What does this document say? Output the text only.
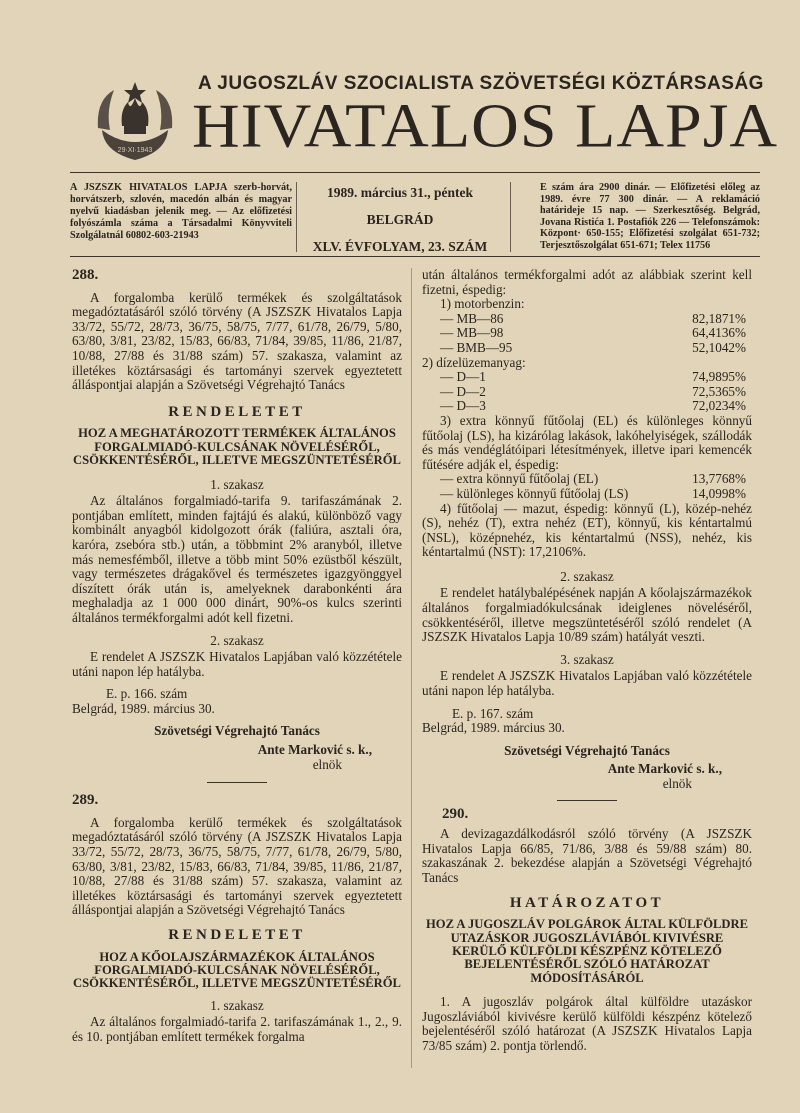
29·XI·1943
A JUGOSZLÁV SZOCIALISTA SZÖVETSÉGI KÖZTÁRSASÁG
HIVATALOS LAPJA
A JSZSZK HIVATALOS LAPJA szerb-horvát, horvátszerb, szlovén, macedón albán és magyar nyelvű kiadásban jelenik meg. — Az előfizetési folyószámla száma a Társadalmi Könyvviteli Szolgálatnál 60802-603-21943
1989. március 31., péntek
BELGRÁD
XLV. ÉVFOLYAM, 23. SZÁM
E szám ára 2900 dinár. — Előfizetési előleg az 1989. évre 77 300 dinár. — A reklamáció határideje 15 nap. — Szerkesztőség. Belgrád, Jovana Ristića 1. Postafiók 226 — Telefonszámok: Központ· 650-155; Előfizetési szolgálat 651-732; Terjesztőszolgálat 651-671; Telex 11756

288.

A forgalomba kerülő termékek és szolgáltatások megadóztatásáról szóló törvény (A JSZSZK Hivatalos Lapja 33/72, 55/72, 28/73, 36/75, 58/75, 7/77, 61/78, 26/79, 5/80, 63/80, 3/81, 23/82, 15/83, 66/83, 71/84, 39/85, 11/86, 21/87, 10/88, 27/88 és 31/88 szám) 57. szakasza, valamint az illetékes köztársasági és tartományi szervek egyeztetett álláspontjai alapján a Szövetségi Végrehajtó Tanács

RENDELETET

HOZ A MEGHATÁROZOTT TERMÉKEK ÁLTALÁNOS FORGALMIADÓ-KULCSÁNAK NÖVELÉSÉRŐL, CSÖKKENTÉSÉRŐL, ILLETVE MEGSZÜNTETÉSÉRŐL

1. szakasz

Az általános forgalmiadó-tarifa 9. tarifaszámának 2. pontjában említett, minden fajtájú és alakú, különböző vagy kombinált anyagból kidolgozott órák (faliúra, asztali óra, karóra, zsebóra stb.) után, a többmint 2% aranyból, illetve más nemesfémből, illetve a több mint 50% ezüstből készült, vagy természetes drágakővel és természetes igazgyönggyel díszített órák után is, amelyeknek darabonkénti ára meghaladja az 1 000 000 dinárt, 90%-os kulcs szerinti általános termékforgalmi adót kell fizetni.

2. szakasz

E rendelet A JSZSZK Hivatalos Lapjában való közzététele utáni napon lép hatályba.

E. p. 166. szám

Belgrád, 1989. március 30.

Szövetségi Végrehajtó Tanács

Ante Marković s. k.,

elnök

289.

A forgalomba kerülő termékek és szolgáltatások megadóztatásáról szóló törvény (A JSZSZK Hivatalos Lapja 33/72, 55/72, 28/73, 36/75, 58/75, 7/77, 61/78, 26/79, 5/80, 63/80, 3/81, 23/82, 15/83, 66/83, 71/84, 39/85, 11/86, 21/87, 10/88, 27/88 és 31/88 szám) 57. szakasza, valamint az illetékes köztársasági és tartományi szervek egyeztetett álláspontjai alapján a Szövetségi Végrehajtó Tanács

RENDELETET

HOZ A KŐOLAJSZÁRMAZÉKOK ÁLTALÁNOS FORGALMIADÓ-KULCSÁNAK NÖVELÉSÉRŐL, CSÖKKENTÉSÉRŐL, ILLETVE MEGSZÜNTETÉSÉRŐL

1. szakasz

Az általános forgalmiadó-tarifa 2. tarifaszámának 1., 2., 9. és 10. pontjában említett termékek forgalma

után általános termékforgalmi adót az alábbiak szerint kell fizetni, éspedig:

1) motorbenzin:

— MB—86	82,1871%
— MB—98	64,4136%
— BMB—95	52,1042%

2) dízelüzemanyag:

— D—1	74,9895%
— D—2	72,5365%
— D—3	72,0234%

3) extra könnyű fűtőolaj (EL) és különleges könnyű fűtőolaj (LS), ha kizárólag lakások, lakóhelyiségek, szállodák és más vendéglátóipari létesítmények, illetve ipari kemencék fűtésére adják el, éspedig:

— extra könnyű fűtőolaj (EL)	13,7768%
— különleges könnyű fűtőolaj (LS)	14,0998%

4) fűtőolaj — mazut, éspedig: könnyű (L), közép-nehéz (S), nehéz (T), extra nehéz (ET), könnyű, kis kéntartalmú (NSL), középnehéz, kis kéntartalmú (NSS), nehéz, kis kéntartalmú (NST): 17,2106%.

2. szakasz

E rendelet hatálybalépésének napján A kőolajszármazékok általános forgalmiadókulcsának ideiglenes növeléséről, csökkentéséről, illetve megszüntetéséről szóló rendelet (A JSZSZK Hivatalos Lapja 10/89 szám) hatályát veszti.

3. szakasz

E rendelet A JSZSZK Hivatalos Lapjában való közzététele utáni napon lép hatályba.

E. p. 167. szám

Belgrád, 1989. március 30.

Szövetségi Végrehajtó Tanács

Ante Marković s. k.,

elnök

290.

A devizagazdálkodásról szóló törvény (A JSZSZK Hivatalos Lapja 66/85, 71/86, 3/88 és 59/88 szám) 80. szakaszának 2. bekezdése alapján a Szövetségi Végrehajtó Tanács

HATÁROZATOT

HOZ A JUGOSZLÁV POLGÁROK ÁLTAL KÜLFÖLDRE UTAZÁSKOR JUGOSZLÁVIÁBÓL KIVIVÉSRE KERÜLŐ KÜLFÖLDI KÉSZPÉNZ KÖTELEZŐ BEJELENTÉSÉRŐL SZÓLÓ HATÁROZAT MÓDOSÍTÁSÁRÓL

1. A jugoszláv polgárok által külföldre utazáskor Jugoszláviából kivivésre kerülő külföldi készpénz kötelező bejelentéséről szóló határozat (A JSZSZK Hivatalos Lapja 73/85 szám) 2. pontja törlendő.
